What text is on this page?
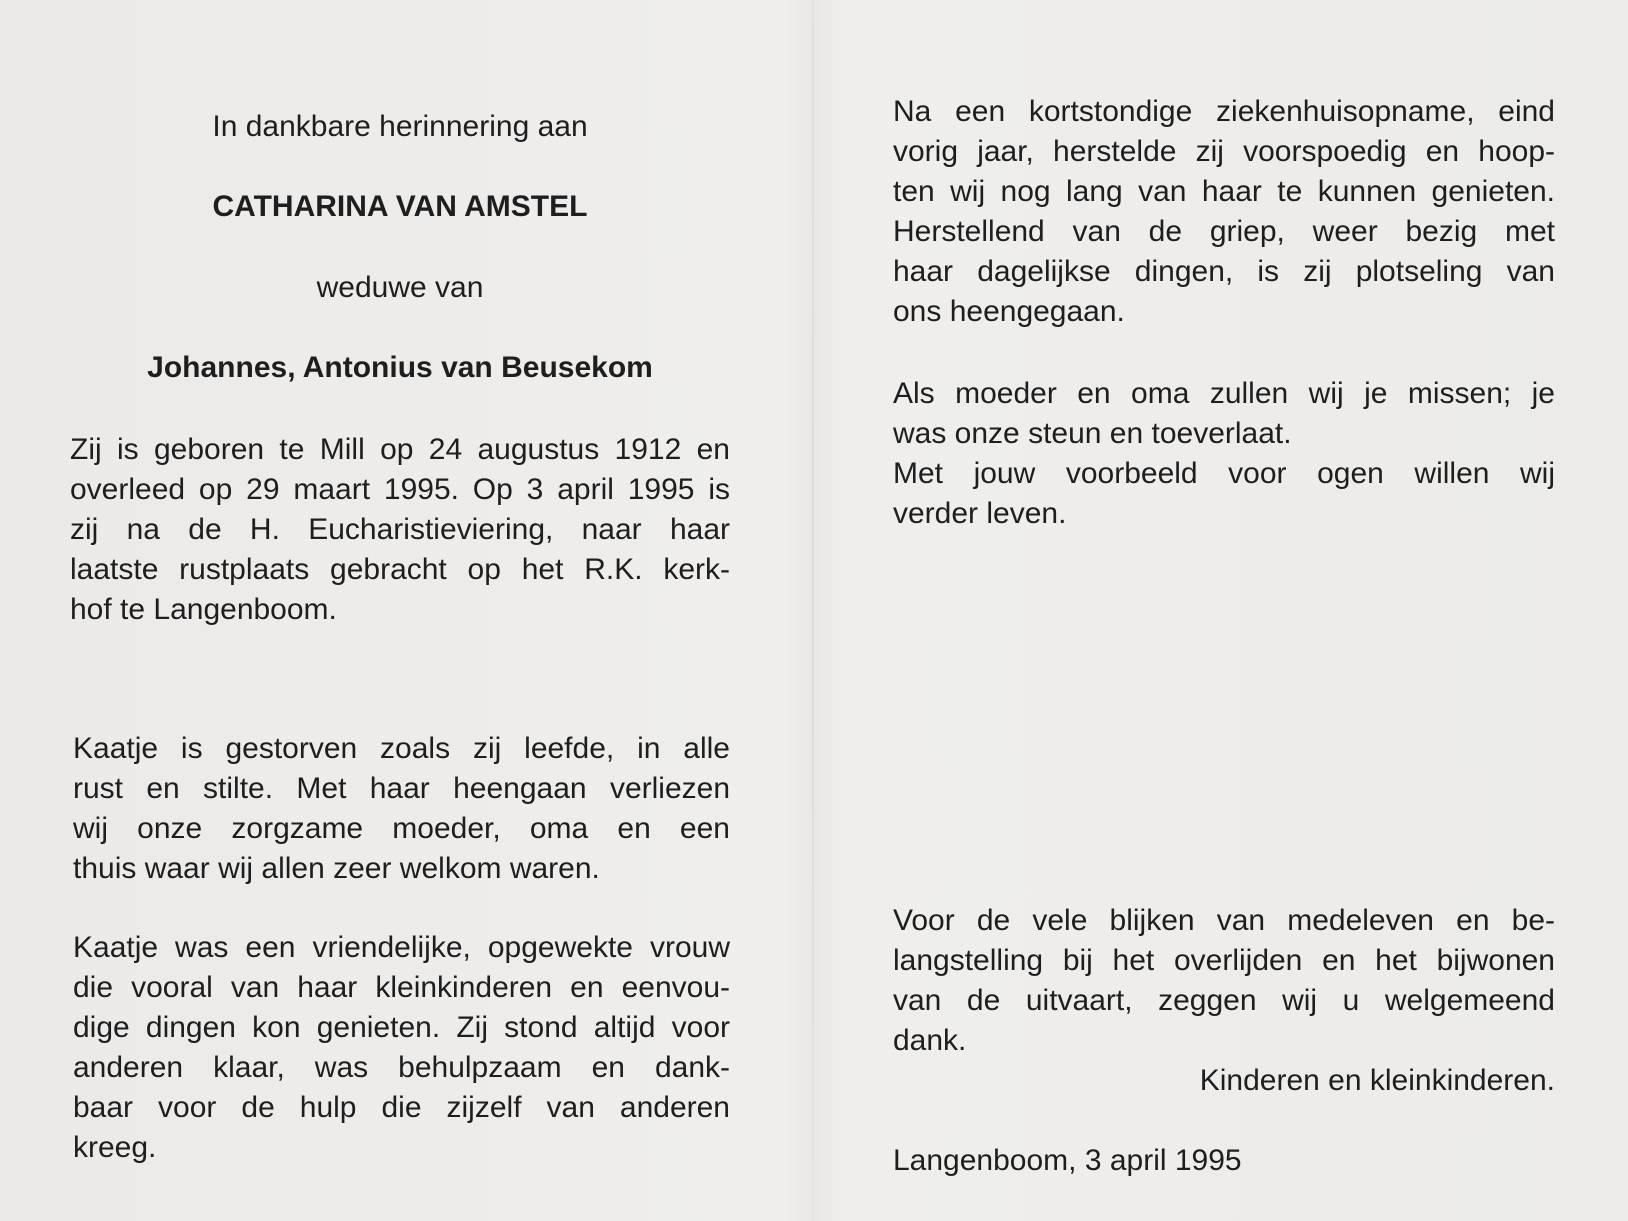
In dankbare herinnering aan

CATHARINA VAN AMSTEL

weduwe van

Johannes, Antonius van Beusekom

Zij is geboren te Mill op 24 augustus 1912 en
overleed op 29 maart 1995. Op 3 april 1995 is
zij na de H. Eucharistieviering, naar haar
laatste rustplaats gebracht op het R.K. kerk-
hof te Langenboom.
Kaatje is gestorven zoals zij leefde, in alle
rust en stilte. Met haar heengaan verliezen
wij onze zorgzame moeder, oma en een
thuis waar wij allen zeer welkom waren.
Kaatje was een vriendelijke, opgewekte vrouw
die vooral van haar kleinkinderen en eenvou-
dige dingen kon genieten. Zij stond altijd voor
anderen klaar, was behulpzaam en dank-
baar voor de hulp die zijzelf van anderen
kreeg.
Na een kortstondige ziekenhuisopname, eind
vorig jaar, herstelde zij voorspoedig en hoop-
ten wij nog lang van haar te kunnen genieten.
Herstellend van de griep, weer bezig met
haar dagelijkse dingen, is zij plotseling van
ons heengegaan.
Als moeder en oma zullen wij je missen; je
was onze steun en toeverlaat.
Met jouw voorbeeld voor ogen willen wij
verder leven.
Voor de vele blijken van medeleven en be-
langstelling bij het overlijden en het bijwonen
van de uitvaart, zeggen wij u welgemeend
dank.

Kinderen en kleinkinderen.

Langenboom, 3 april 1995
